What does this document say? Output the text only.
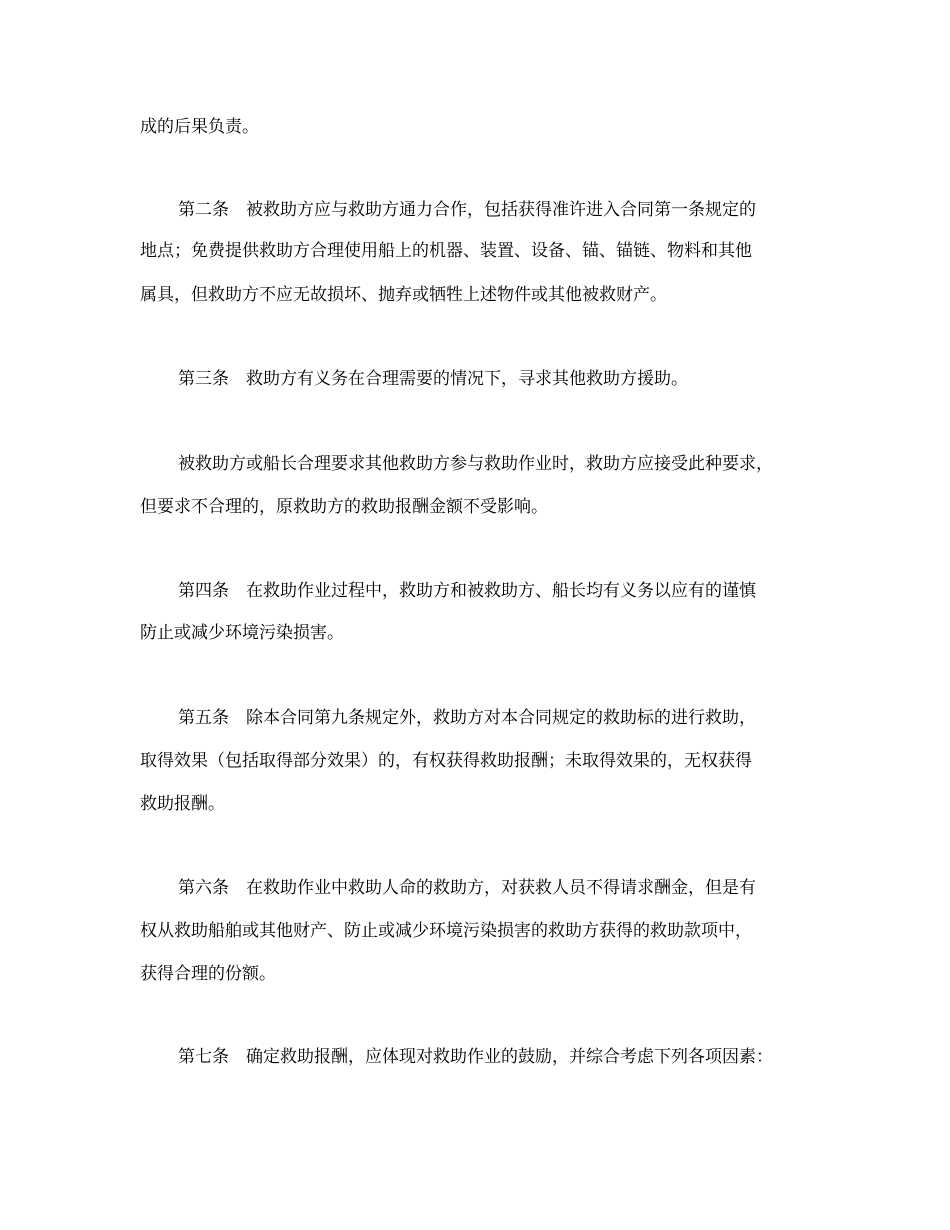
成的后果负责。
第二条 被救助方应与救助方通力合作，包括获得准许进入合同第一条规定的
地点；免费提供救助方合理使用船上的机器、装置、设备、锚、锚链、物料和其他
属具，但救助方不应无故损坏、抛弃或牺牲上述物件或其他被救财产。
第三条 救助方有义务在合理需要的情况下，寻求其他救助方援助。
被救助方或船长合理要求其他救助方参与救助作业时，救助方应接受此种要求，
但要求不合理的，原救助方的救助报酬金额不受影响。
第四条 在救助作业过程中，救助方和被救助方、船长均有义务以应有的谨慎
防止或减少环境污染损害。
第五条 除本合同第九条规定外，救助方对本合同规定的救助标的进行救助，
取得效果（包括取得部分效果）的，有权获得救助报酬；未取得效果的，无权获得
救助报酬。
第六条 在救助作业中救助人命的救助方，对获救人员不得请求酬金，但是有
权从救助船舶或其他财产、防止或减少环境污染损害的救助方获得的救助款项中，
获得合理的份额。
第七条 确定救助报酬，应体现对救助作业的鼓励，并综合考虑下列各项因素：
